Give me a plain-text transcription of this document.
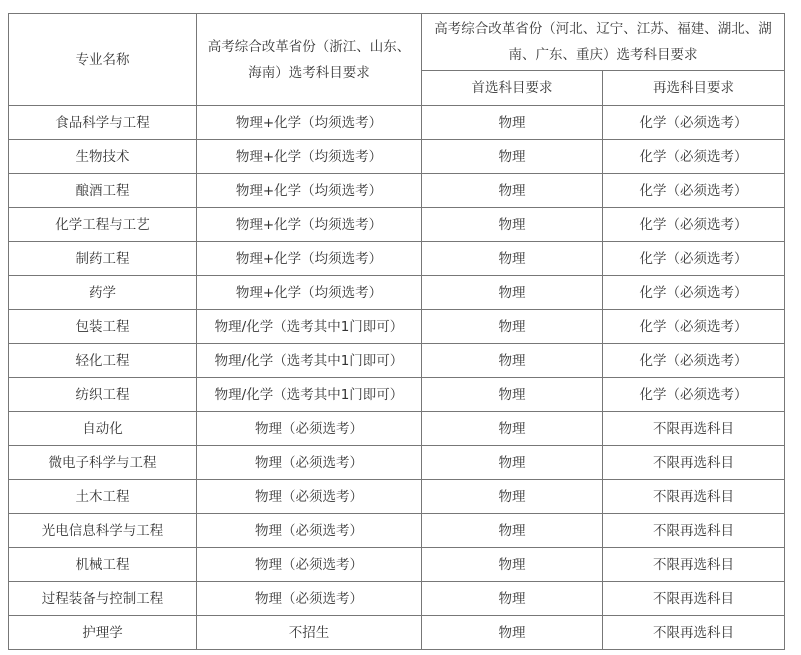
专业名称	高考综合改革省份（浙江、山东、海南）选考科目要求	高考综合改革省份（河北、辽宁、江苏、福建、湖北、湖南、广东、重庆）选考科目要求	
		首选科目要求	再选科目要求
食品科学与工程	物理+化学（均须选考）	物理	化学（必须选考）
生物技术	物理+化学（均须选考）	物理	化学（必须选考）
酿酒工程	物理+化学（均须选考）	物理	化学（必须选考）
化学工程与工艺	物理+化学（均须选考）	物理	化学（必须选考）
制药工程	物理+化学（均须选考）	物理	化学（必须选考）
药学	物理+化学（均须选考）	物理	化学（必须选考）
包装工程	物理/化学（选考其中1门即可）	物理	化学（必须选考）
轻化工程	物理/化学（选考其中1门即可）	物理	化学（必须选考）
纺织工程	物理/化学（选考其中1门即可）	物理	化学（必须选考）
自动化	物理（必须选考）	物理	不限再选科目
微电子科学与工程	物理（必须选考）	物理	不限再选科目
土木工程	物理（必须选考）	物理	不限再选科目
光电信息科学与工程	物理（必须选考）	物理	不限再选科目
机械工程	物理（必须选考）	物理	不限再选科目
过程装备与控制工程	物理（必须选考）	物理	不限再选科目
护理学	不招生	物理	不限再选科目
